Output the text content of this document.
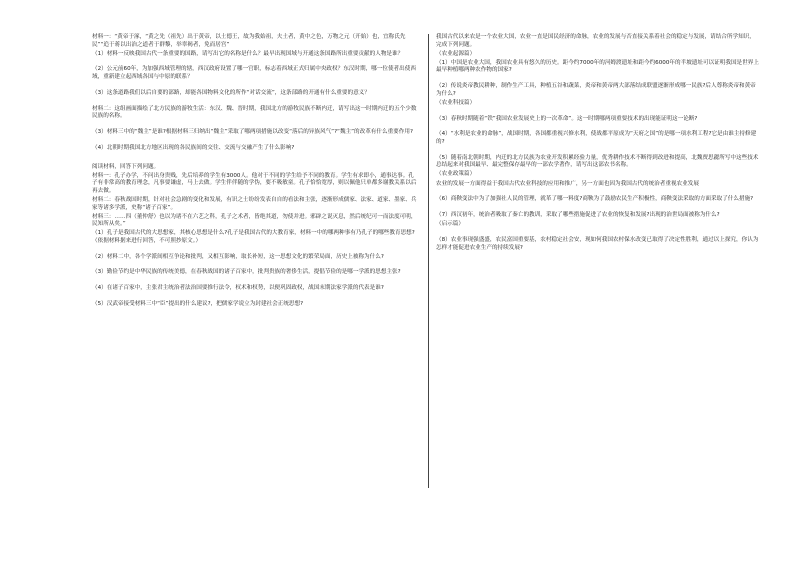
材料一：“黄帝于涿，“黄之先（祖先）出于黄帝，以土德王，故为我始祖，夫土者，黄中之色，万物之元（开始）也，宜称氏先民”“追于蒋以出治之道者于群黎，举辜褐者，免而居宫”

（1）材料一反映我国古代一条重要的国路，请写出它的名称是什么？最早出现国域与开通这条国路所出重要贡献的人物是谁？

（2）公元前60年，为加强西域管理的辖，西汉政府设置了哪一官职，标志着西域正式归属中央政权？东汉时期，哪一位使者出使西域，重新建立起西域各国与中原的联系？

（3）这条道路我们以后自要的部路，却能各国物料文化的所作“对话交流”，这条部路的开通有什么重要的意义？

材料二：这组画面描绘了北方民族的游牧生活：东汉、魏、晋时期，我国北方的游牧民族不断内迁，请写出这一时期内迁的五个少数民族的名称。

（3）材料三中的“魏主”是谁?根据材料三归纳出“魏主”采取了哪两项措施以改变“落后的异族风气”?“魏主”的改革有什么重要作用?

（4）北朝时期我国北方地区出现的各民族间的交往、交流与交融产生了什么影响?

阅读材料，回答下列问题。

材料一：孔子办学，不问出身贵贱，先后培养的学生有3000人。他对于不同的学生给予不同的教育。学生有求即小，通事达事。孔子有非常高的教育理念，凡事要谦虚，马上去做。学生伴伴随的学伪，要不吸敏童。孔子恰恰宽厚，则以佩他只单都多谢教关系以后再去做。

材料二：春秋战国时期，针对社会急剧的变化和发展，有识之士纷纷发表自自的看法和主张，逐渐形成儒家、法家、道家、墨家、兵家等诸多学派，史称“诸子百家”。

材料三：……四（董仲舒）也以为诸不在六艺之科，孔子之术者，皆绝其道，勿使并进。邪辟之说灭息，然后统纪可一而法度可明，民知所从矣。”

（1）孔子是我国古代的大思想家，其核心思想是什么?孔子是我国古代的大教育家，材料一中的哪两种事有乃孔子的哪些教育思想?（依据材料据来进行回答，不可照抄原文。）

（2）材料二中，各个学派间相互争论和批判，又相互影响，取长补短，这一思想文化的繁荣局面，历史上被称为什么?

（3）勤俭节约是中华民族的传统美德，在春秋战国的诸子百家中，批判贵族的奢侈生活，提倡节俭的是哪一学派的思想主张?

（4）在诸子百家中，主张君主统治者法治国要推行法令，权术和权势，以便巩固政权，战国末期法家学派的代表是谁?

（5）汉武帝接受材料三中“臣”提出的什么建议?，把儒家学说立为封建社会正统思想?

我国古代以来农是一个农业大国，农业一直是国民经济的命脉，农业的发展与否直接关系着社会的稳定与发展，请结合所学知识，完成下列问题。

（农业起源篇）

（1）中国是农业大国，我国农业具有悠久的历史。距今约7000年的河姆渡遗址和距今约6000年的半坡遗址可以证明我国是世界上最早种植哪两种农作物的国家?

（2）传说炎帝教民耕种，制作生产工具，种植五谷和蔬菜，炎帝和黄帝两大部落结成联盟逐渐形成哪一民族?后人尊称炎帝和黄帝为什么?

（农业科技篇）

（3）春秋时期随着“铁”我国农业发展史上的一次革命”。这一时期哪两项重要技术的出现能证明这一论断?

（4）“水利是农业的命脉”，战国时期，各国都重视兴修水利，使战都平原成为“天府之国”的是哪一项水利工程?它是由谁主持修建的?

（5）随着南北朝时期，内迁的北方民族为农业开发积累经验力量，优秀耕作技术不断得到改进和提高，北魏贾思勰所写中这些技术总结起来对我国最早、最完整保存最早的一部农学著作，请写出这部农书名称。

（农业政策篇）

农业的发展一方面得益于我国古代农业科技的应用和推广，另一方面也因为我国古代的统治者重视农业发展

（6）商鞅变法中为了加强社人民的管理，就革了哪一料度?商鞅为了鼓励农民生产积极性，商鞅变法采取的方面采取了什么措施?

（7）西汉初年，统治者吸取了秦亡的教训，采取了哪些措施促进了农业的恢复和发展?出现的治世局面被称为什么?

（启示篇）

（8）农业事现强盛盛，农民富国重要基，农村稳定社会安，现如何我国农村保水改变已取得了决定性胜利，通过以上探究，你认为怎样才能促进农业生产的持续发展?
